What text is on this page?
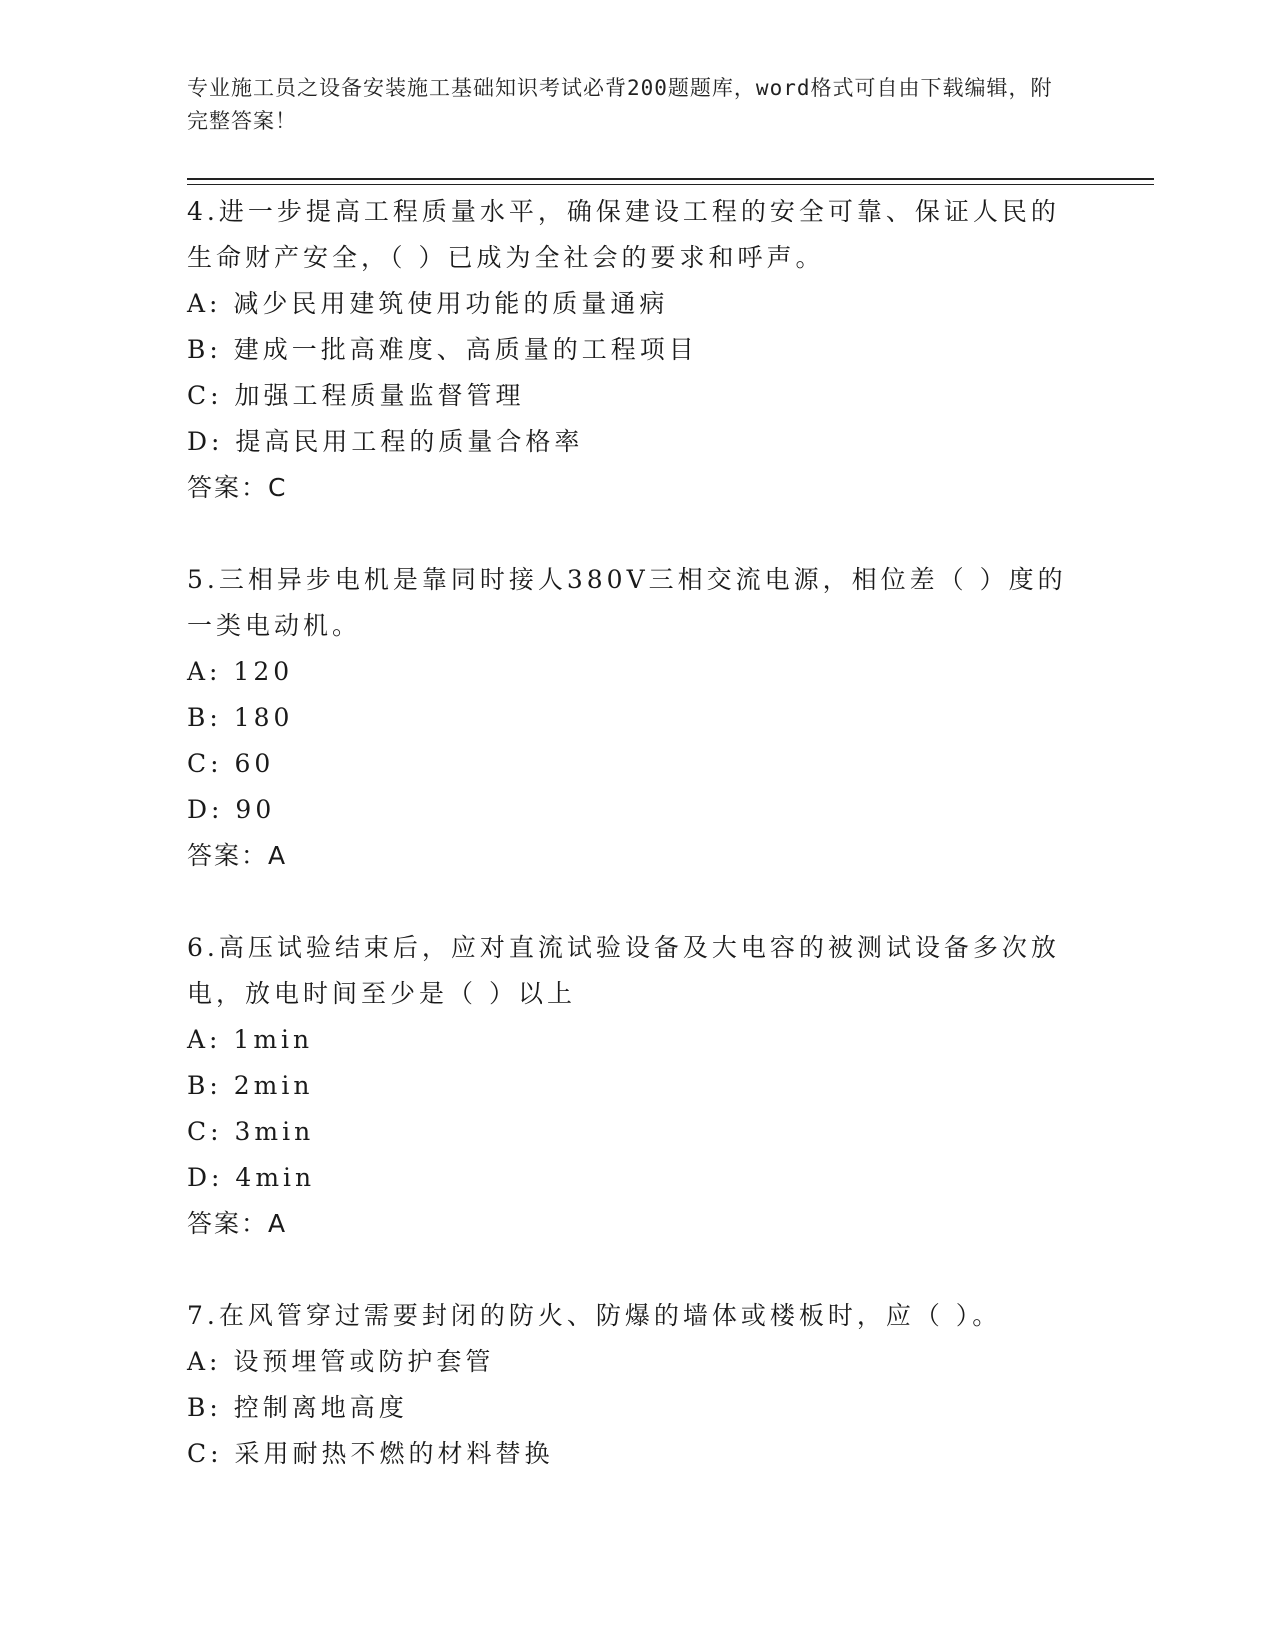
专业施工员之设备安装施工基础知识考试必背200题题库，word格式可自由下载编辑，附完整答案！

4.进一步提高工程质量水平，确保建设工程的安全可靠、保证人民的生命财产安全，（ ）已成为全社会的要求和呼声。

A: 减少民用建筑使用功能的质量通病

B: 建成一批高难度、高质量的工程项目

C: 加强工程质量监督管理

D: 提高民用工程的质量合格率

答案：C

5.三相异步电机是靠同时接人380V三相交流电源，相位差（ ）度的一类电动机。

A: 120

B: 180

C: 60

D: 90

答案：A

6.高压试验结束后，应对直流试验设备及大电容的被测试设备多次放电，放电时间至少是（ ）以上

A: 1min

B: 2min

C: 3min

D: 4min

答案：A

7.在风管穿过需要封闭的防火、防爆的墙体或楼板时，应（ ）。

A: 设预埋管或防护套管

B: 控制离地高度

C: 采用耐热不燃的材料替换
